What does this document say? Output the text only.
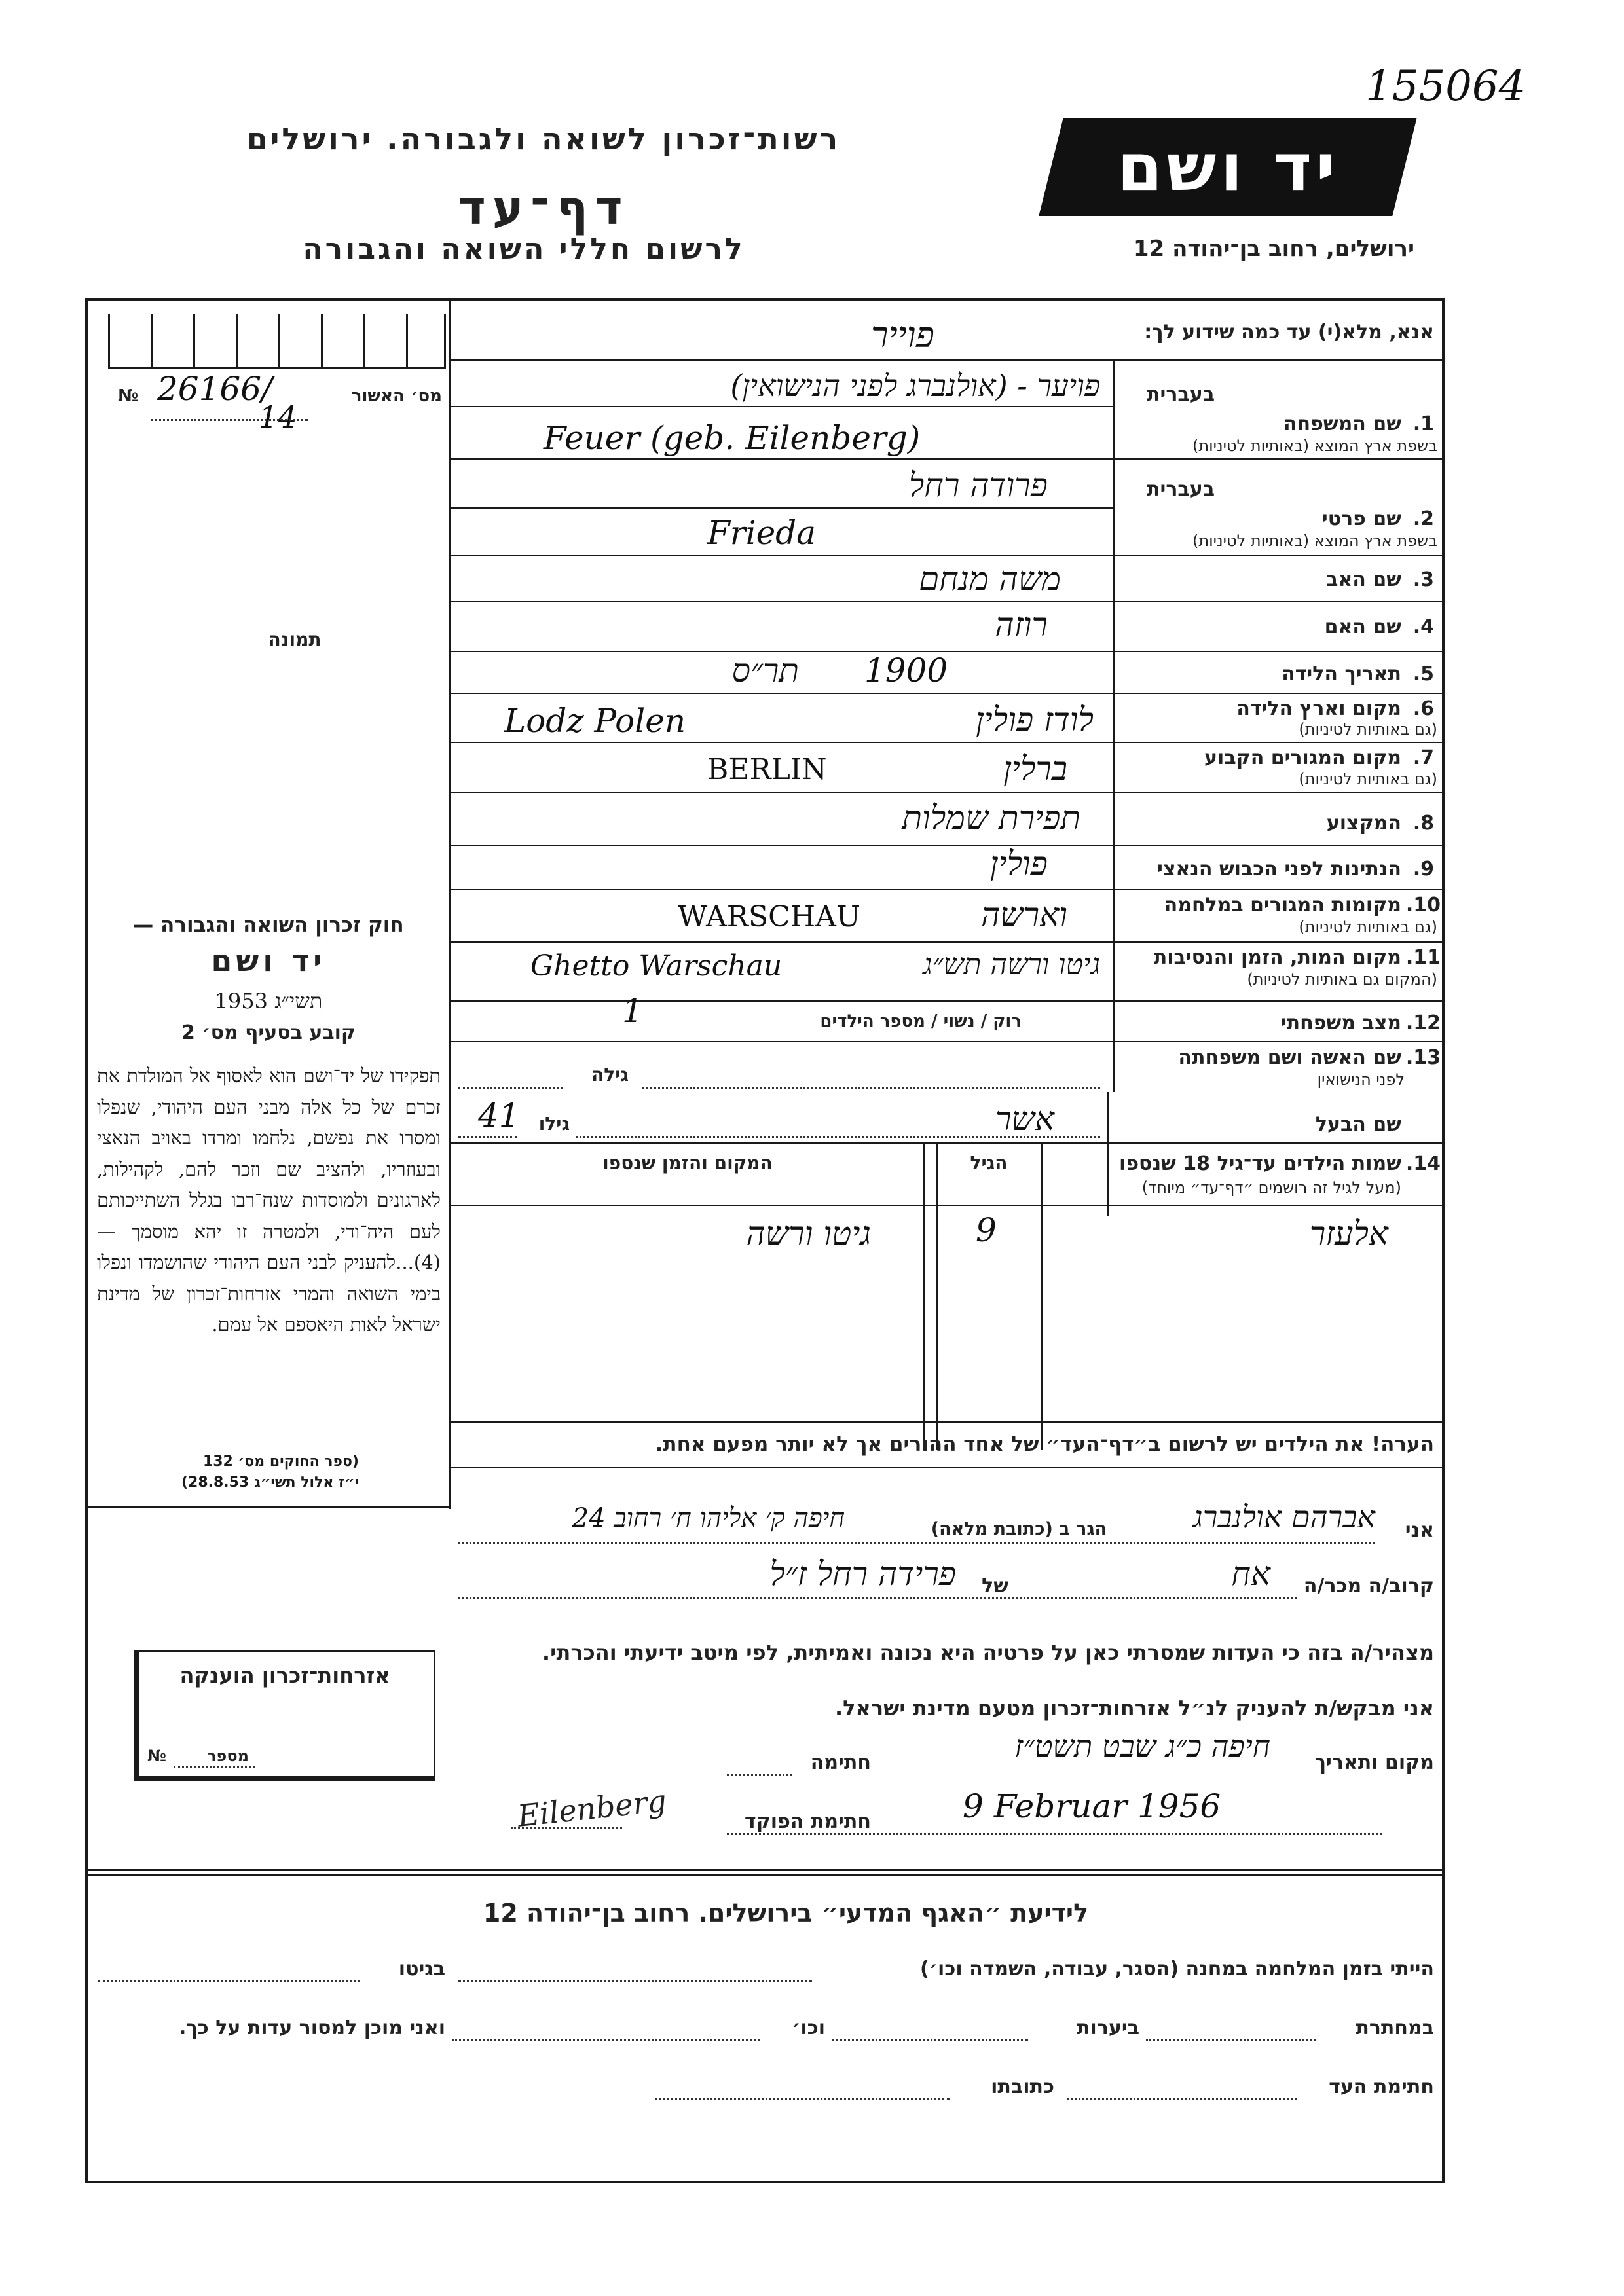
155064
רשות־זכרון לשואה ולגבורה. ירושלים
דף־עד
לרשום חללי השואה והגבורה
יד ושם
ירושלים, רחוב בן־יהודה 12
מס׳ האשור
№ 26166/
14
תמונה
חוק זכרון השואה והגבורה —
יד ושם
תשי״ג 1953
קובע בסעיף מס׳ 2
תפקידו של יד־ושם הוא לאסוף אל המולדת את זכרם של כל אלה מבני העם היהודי, שנפלו ומסרו את נפשם, נלחמו ומרדו באויב הנאצי ובעוזריו, ולהציב שם וזכר להם, לקהילות, לארגונים ולמוסדות שנח־רבו בגלל השתייכותם לעם היה־ודי, ולמטרה זו יהא מוסמך — (4)...להעניק לבני העם היהודי שהושמדו ונפלו בימי השואה והמרי אזרחות־זכרון של מדינת ישראל לאות היאספם אל עמם.
(ספר החוקים מס׳ 132
י״ז אלול תשי״ג 28.8.53)
אנא, מלא(י) עד כמה שידוע לך:
פוייר
1.
שם המשפחה
בשפת ארץ המוצא (באותיות לטיניות)
בעברית
פויער - (אולנברג לפני הנישואין)
Feuer (geb. Eilenberg)
2.
שם פרטי
בשפת ארץ המוצא (באותיות לטיניות)
בעברית
פרודה רחל
Frieda
3.
שם האב
משה מנחם
4.
שם האם
רוזה
5.
תאריך הלידה
1900
תר״ס
6.
מקום וארץ הלידה
(גם באותיות לטיניות)
לודז פולין
Lodz Polen
7.
מקום המגורים הקבוע
(גם באותיות לטיניות)
ברלין
BERLIN
8.
המקצוע
תפירת שמלות
9.
הנתינות לפני הכבוש הנאצי
פולין
10.
מקומות המגורים במלחמה
(גם באותיות לטיניות)
וארשה
WARSCHAU
11.
מקום המות, הזמן והנסיבות
(המקום גם באותיות לטיניות)
גיטו ורשה תש״ג
Ghetto Warschau
12.
מצב משפחתי
רוק / נשוי / מספר הילדים
1
13.
שם האשה ושם משפחתה
לפני הנישואין
גילה
שם הבעל
אשר
גילו
41
14.
שמות הילדים עד־גיל 18 שנספו
(מעל לגיל זה רושמים ״דף־עד״ מיוחד)
הגיל
המקום והזמן שנספו
אלעזר
9
גיטו ורשה
הערה! את הילדים יש לרשום ב״דף־העד״ של אחד ההורים אך לא יותר מפעם אחת.
אני
אברהם אולנברג
הגר ב (כתובת מלאה)
חיפה ק׳ אליהו ח׳ רחוב 24
קרוב/ה מכר/ה
אח
של
פרידה רחל ז״ל
מצהיר/ה בזה כי העדות שמסרתי כאן על פרטיה היא נכונה ואמיתית, לפי מיטב ידיעתי והכרתי.
אני מבקש/ת להעניק לנ״ל אזרחות־זכרון מטעם מדינת ישראל.
מקום ותאריך
חיפה כ״ג שבט תשט״ז
חתימה
חתימת הפוקד	9 Februar 1956
Eilenberg
אזרחות־זכרון הוענקה
מספר
№
לידיעת ״האגף המדעי״ בירושלים. רחוב בן־יהודה 12
הייתי בזמן המלחמה במחנה (הסגר, עבודה, השמדה וכו׳)
בגיטו
במחתרת
ביערות
וכו׳
ואני מוכן למסור עדות על כך.
חתימת העד
כתובתו
